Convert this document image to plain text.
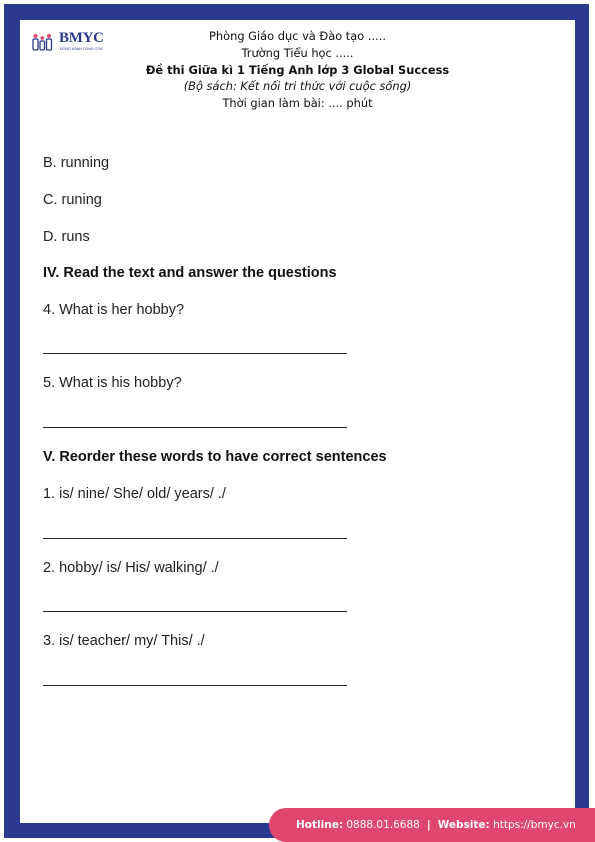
BMYC
ĐỒNG HÀNH CÙNG CON
Phòng Giáo dục và Đào tạo .....
Trường Tiểu học .....
Đề thi Giữa kì 1 Tiếng Anh lớp 3 Global Success
(Bộ sách: Kết nối tri thức với cuộc sống)
Thời gian làm bài: .... phút
B. running
C. runing
D. runs
IV. Read the text and answer the questions
4. What is her hobby?
5. What is his hobby?
V. Reorder these words to have correct sentences
1. is/ nine/ She/ old/ years/ ./
2. hobby/ is/ His/ walking/ ./
3. is/ teacher/ my/ This/ ./
Hotline:
0888.01.6688 | Website:
https://bmyc.vn
